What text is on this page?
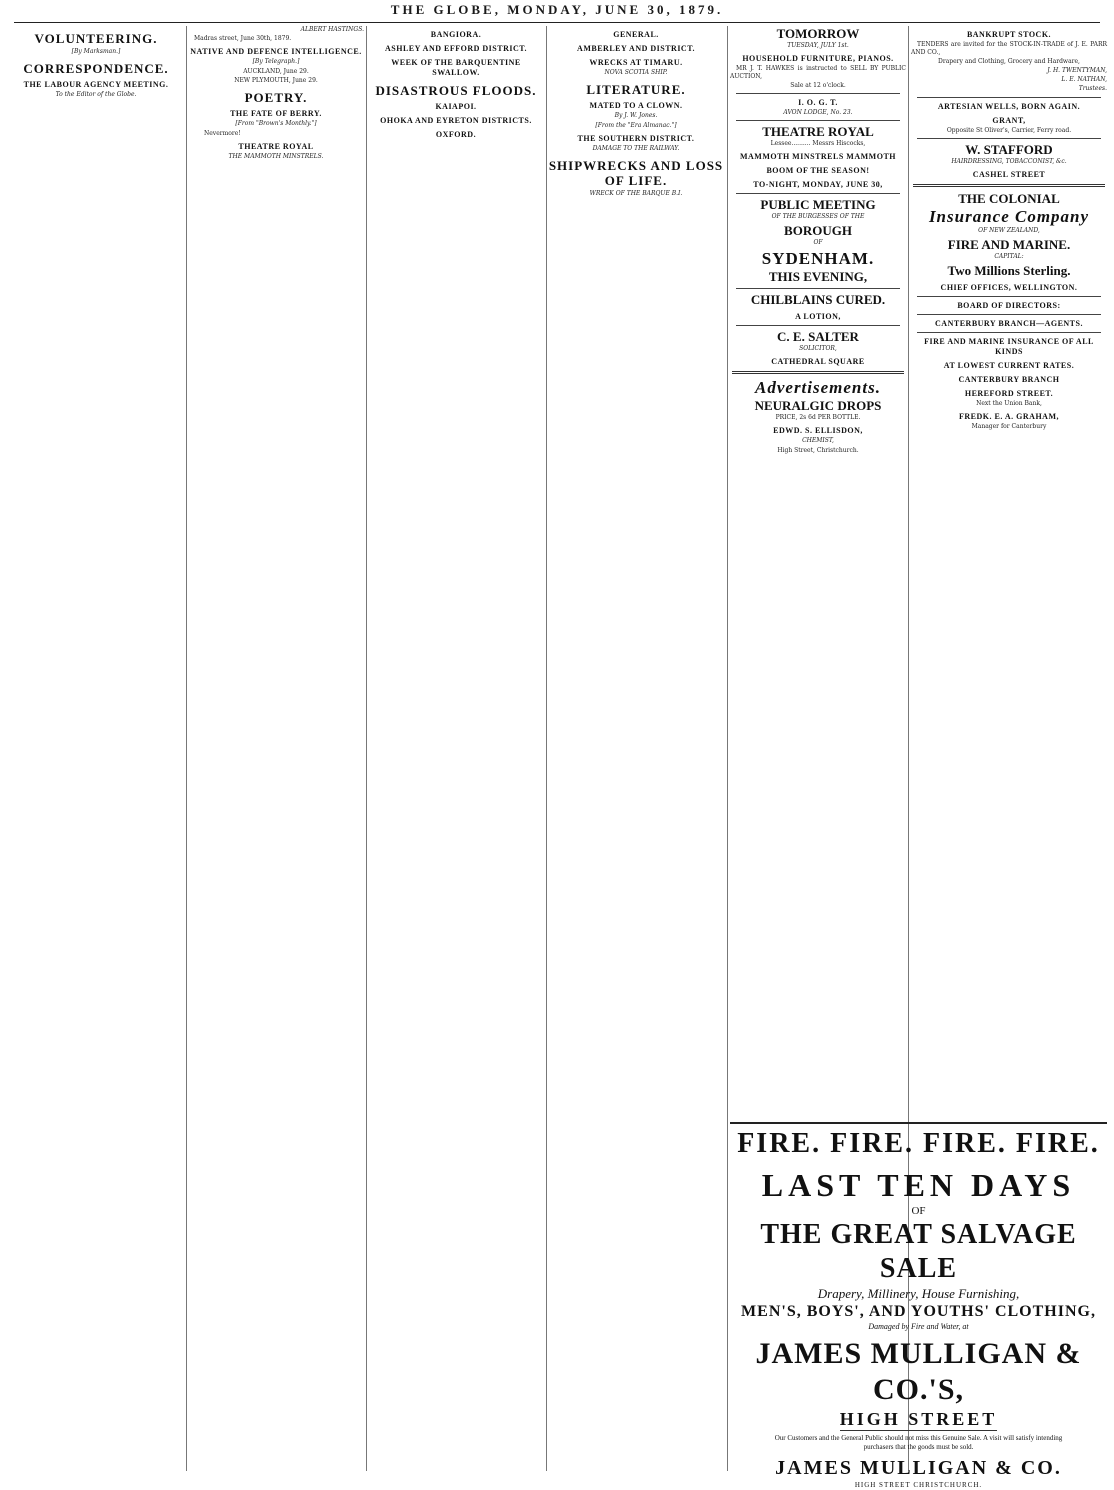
THE GLOBE, MONDAY, JUNE 30, 1879.
VOLUNTEERING.
[By Marksman.]
CORRESPONDENCE.
THE LABOUR AGENCY MEETING.
To the Editor of the Globe.

ALBERT HASTINGS.

Madras street, June 30th, 1879.

NATIVE AND DEFENCE INTELLIGENCE.
[By Telegraph.]

AUCKLAND, June 29.

NEW PLYMOUTH, June 29.

POETRY.
THE FATE OF BERRY.
[From "Brown's Monthly."]

Nevermore!

THEATRE ROYAL
THE MAMMOTH MINSTRELS.
BANGIORA.
ASHLEY AND EFFORD DISTRICT.
WEEK OF THE BARQUENTINE SWALLOW.
DISASTROUS FLOODS.
KAIAPOI.
OHOKA AND EYRETON DISTRICTS.
OXFORD.
GENERAL.
AMBERLEY AND DISTRICT.
WRECKS AT TIMARU.
NOVA SCOTIA SHIP.
LITERATURE.
MATED TO A CLOWN.
By J. W. Jones.
[From the "Era Almanac."]
THE SOUTHERN DISTRICT.
DAMAGE TO THE RAILWAY.
SHIPWRECKS AND LOSS OF LIFE.
WRECK OF THE BARQUE B.I.
TOMORROW
TUESDAY, JULY 1st.
HOUSEHOLD FURNITURE, PIANOS.

MR J. T. HAWKES is instructed to SELL BY PUBLIC AUCTION,

Sale at 12 o'clock.

I. O. G. T.
AVON LODGE, No. 23.
THEATRE ROYAL

Lessee.......... Messrs Hiscocks,

MAMMOTH MINSTRELS MAMMOTH
BOOM OF THE SEASON!
TO-NIGHT, MONDAY, JUNE 30,
PUBLIC MEETING
OF THE BURGESSES OF THE
BOROUGH
OF
SYDENHAM.
THIS EVENING,
CHILBLAINS CURED.
A LOTION,
C. E. SALTER
SOLICITOR,
CATHEDRAL SQUARE
Advertisements.
NEURALGIC DROPS

PRICE, 2s 6d PER BOTTLE.

EDWD. S. ELLISDON,
CHEMIST,

High Street, Christchurch.

BANKRUPT STOCK.

TENDERS are invited for the STOCK-IN-TRADE of J. E. PARR AND CO.,

Drapery and Clothing, Grocery and Hardware,

J. H. TWENTYMAN,

L. E. NATHAN,

Trustees.

ARTESIAN WELLS, BORN AGAIN.
GRANT,

Opposite St Oliver's, Carrier, Ferry road.

W. STAFFORD
HAIRDRESSING, TOBACCONIST, &c.
CASHEL STREET
THE COLONIAL
Insurance Company
OF NEW ZEALAND,
FIRE AND MARINE.
CAPITAL:
Two Millions Sterling.
CHIEF OFFICES, WELLINGTON.
BOARD OF DIRECTORS:
CANTERBURY BRANCH—AGENTS.
FIRE AND MARINE INSURANCE OF ALL KINDS
AT LOWEST CURRENT RATES.
CANTERBURY BRANCH
HEREFORD STREET.

Next the Union Bank,

FREDK. E. A. GRAHAM,

Manager for Canterbury

FIRE. FIRE. FIRE. FIRE.
LAST TEN DAYS
OF
THE GREAT SALVAGE SALE
Drapery, Millinery, House Furnishing,
MEN'S, BOYS', AND YOUTHS' CLOTHING,
Damaged by Fire and Water, at
JAMES MULLIGAN & CO.'S,
HIGH STREET
Our Customers and the General Public should not miss this Genuine Sale. A visit will satisfy intending purchasers that the goods must be sold.
JAMES MULLIGAN & CO.
HIGH STREET CHRISTCHURCH.
